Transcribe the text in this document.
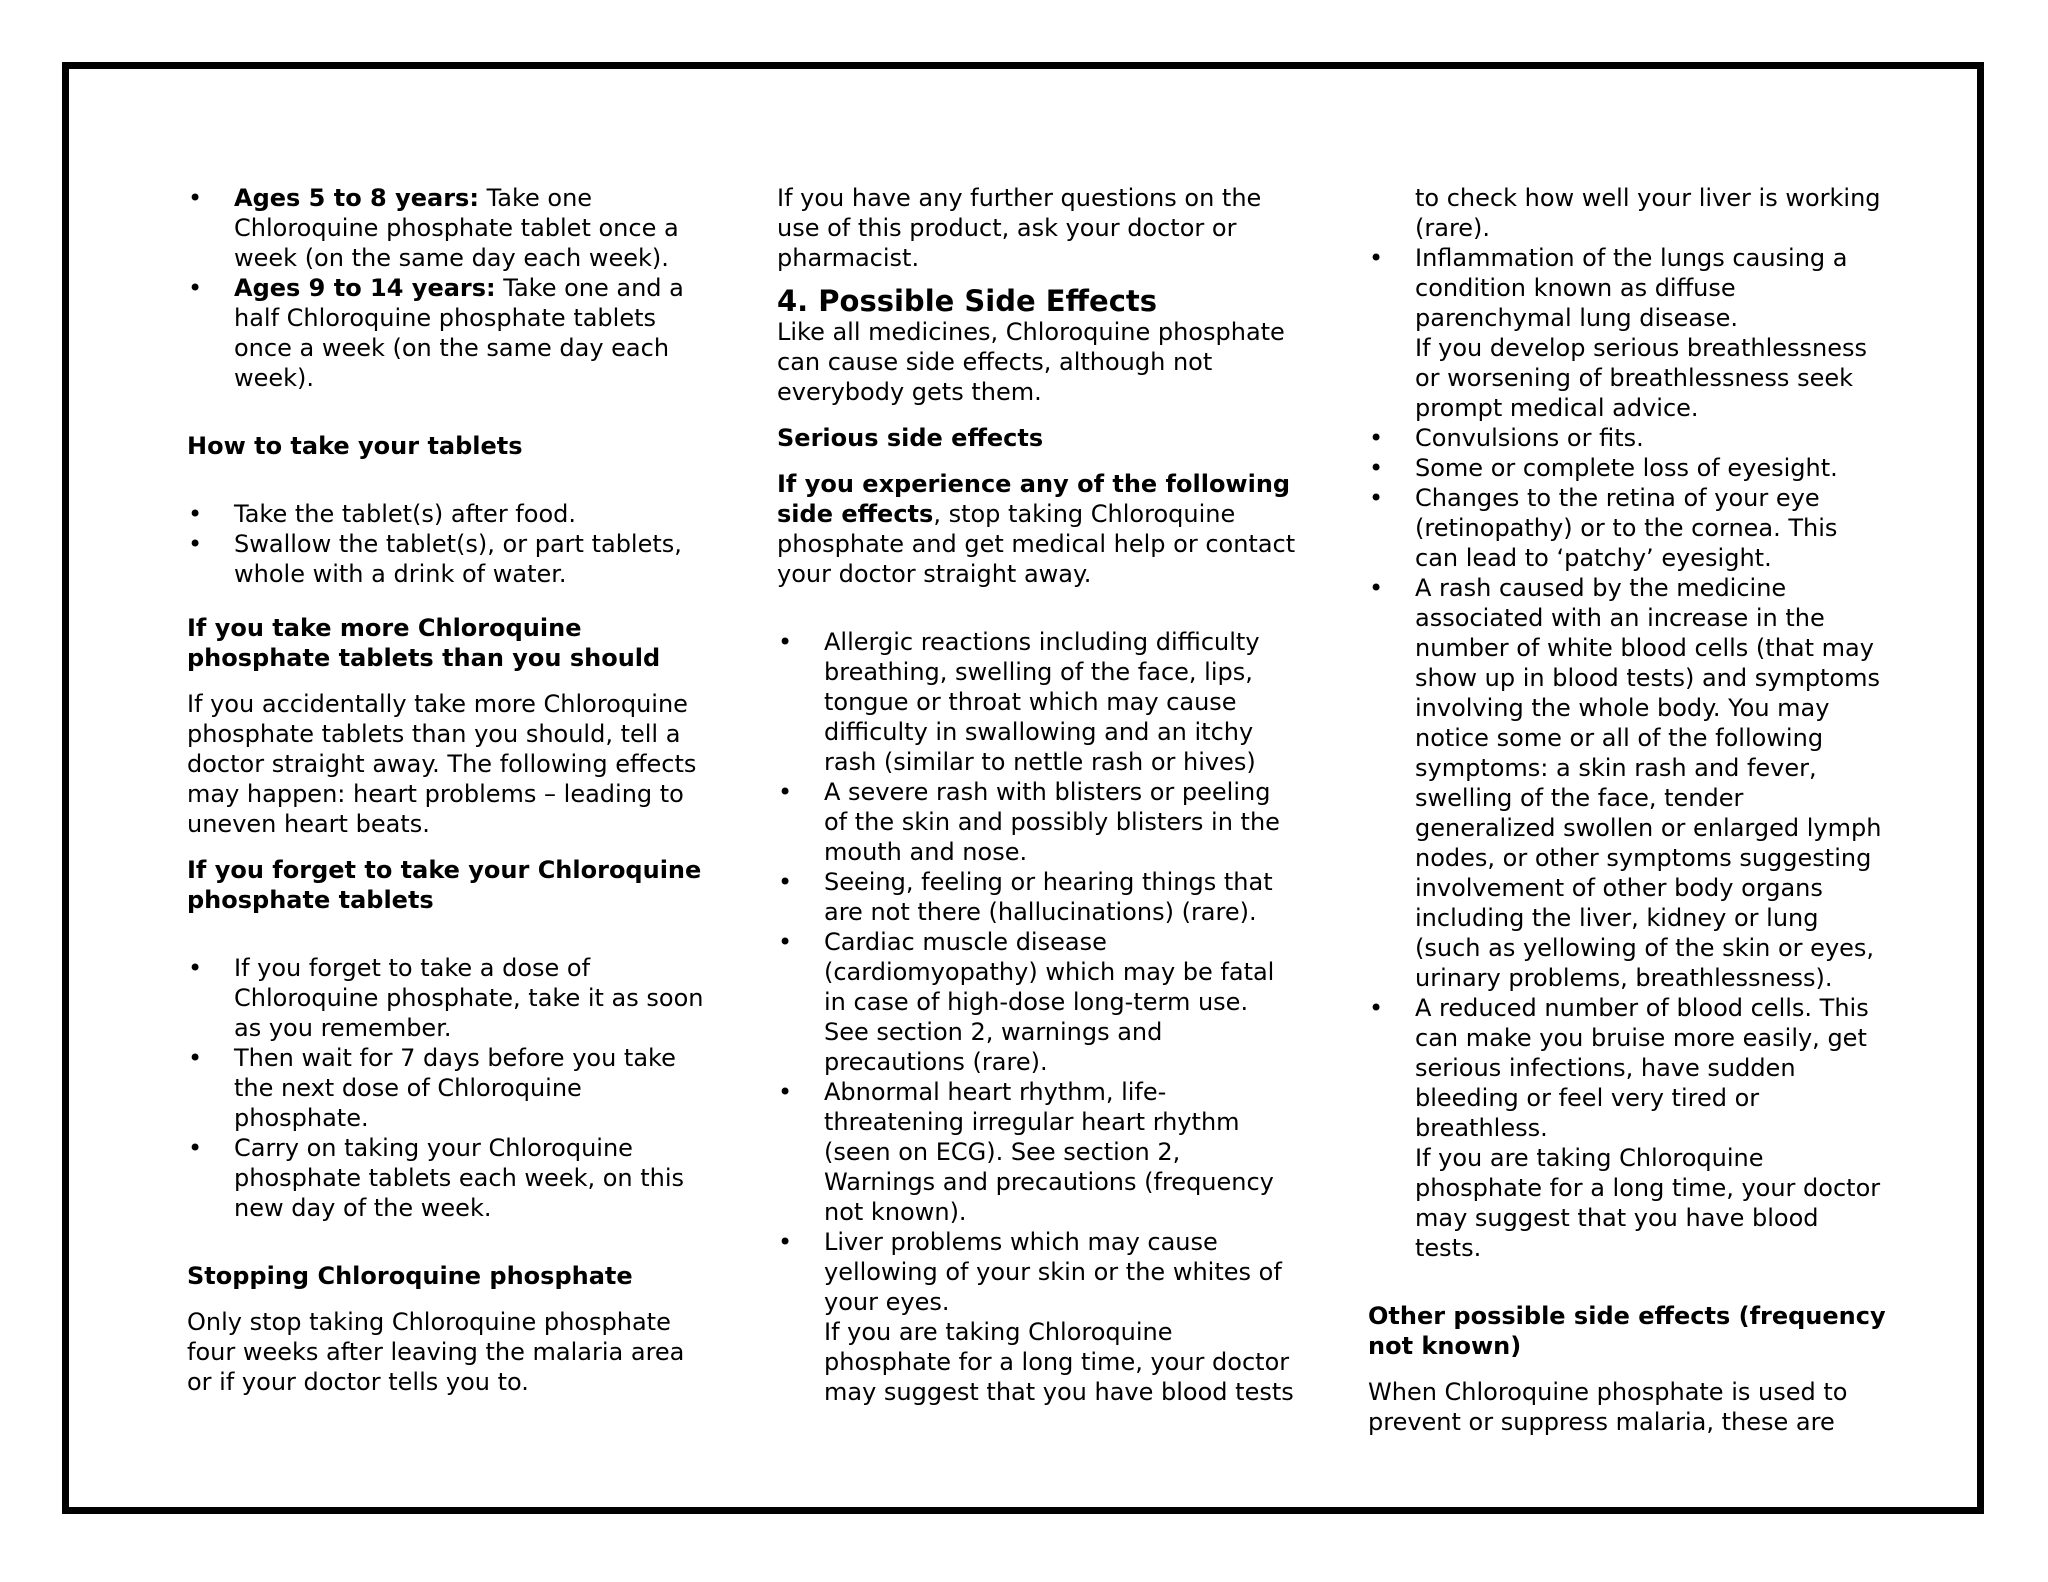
• Ages 5 to 8 years: Take one Chloroquine phosphate tablet once a week (on the same day each week).
• Ages 9 to 14 years: Take one and a half Chloroquine phosphate tablets once a week (on the same day each week).

How to take your tablets

• Take the tablet(s) after food.
• Swallow the tablet(s), or part tablets, whole with a drink of water.

If you take more Chloroquine phosphate tablets than you should

If you accidentally take more Chloroquine phosphate tablets than you should, tell a doctor straight away. The following effects may happen: heart problems – leading to uneven heart beats.

If you forget to take your Chloroquine phosphate tablets

• If you forget to take a dose of Chloroquine phosphate, take it as soon as you remember.
• Then wait for 7 days before you take the next dose of Chloroquine phosphate.
• Carry on taking your Chloroquine phosphate tablets each week, on this new day of the week.

Stopping Chloroquine phosphate

Only stop taking Chloroquine phosphate four weeks after leaving the malaria area or if your doctor tells you to.

If you have any further questions on the use of this product, ask your doctor or pharmacist.

4. Possible Side Effects

Like all medicines, Chloroquine phosphate can cause side effects, although not everybody gets them.

Serious side effects

If you experience any of the following side effects, stop taking Chloroquine phosphate and get medical help or contact your doctor straight away.

• Allergic reactions including difficulty breathing, swelling of the face, lips, tongue or throat which may cause difficulty in swallowing and an itchy rash (similar to nettle rash or hives)
• A severe rash with blisters or peeling of the skin and possibly blisters in the mouth and nose.
• Seeing, feeling or hearing things that are not there (hallucinations) (rare).
• Cardiac muscle disease (cardiomyopathy) which may be fatal in case of high-dose long-term use. See section 2, warnings and precautions (rare).
• Abnormal heart rhythm, life-threatening irregular heart rhythm (seen on ECG). See section 2, Warnings and precautions (frequency not known).
• Liver problems which may cause yellowing of your skin or the whites of your eyes.
If you are taking Chloroquine phosphate for a long time, your doctor may suggest that you have blood tests

to check how well your liver is working (rare).

• Inflammation of the lungs causing a condition known as diffuse parenchymal lung disease.
If you develop serious breathlessness or worsening of breathlessness seek prompt medical advice.
• Convulsions or fits.
• Some or complete loss of eyesight.
• Changes to the retina of your eye (retinopathy) or to the cornea. This can lead to ‘patchy’ eyesight.
• A rash caused by the medicine associated with an increase in the number of white blood cells (that may show up in blood tests) and symptoms involving the whole body. You may notice some or all of the following symptoms: a skin rash and fever, swelling of the face, tender generalized swollen or enlarged lymph nodes, or other symptoms suggesting involvement of other body organs including the liver, kidney or lung (such as yellowing of the skin or eyes, urinary problems, breathlessness).
• A reduced number of blood cells. This can make you bruise more easily, get serious infections, have sudden bleeding or feel very tired or breathless.
If you are taking Chloroquine phosphate for a long time, your doctor may suggest that you have blood tests.

Other possible side effects (frequency not known)

When Chloroquine phosphate is used to prevent or suppress malaria, these are
